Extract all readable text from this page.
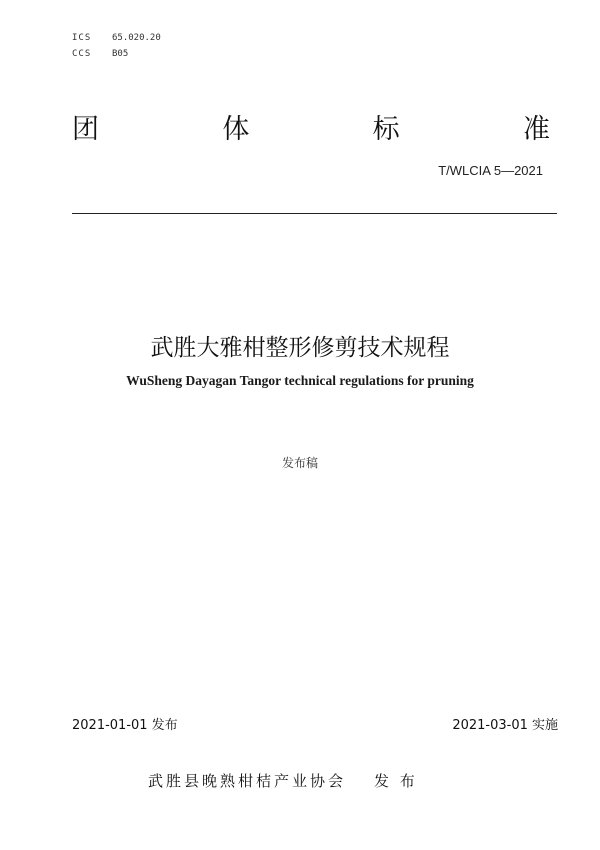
ICS	65.020.20
CCS	B05
团	体	标	准
T/WLCIA 5—2021
武胜大雅柑整形修剪技术规程
WuSheng Dayagan Tangor technical regulations for pruning
发布稿
2021-01-01 发布	2021-03-01 实施
武胜县晚熟柑桔产业协会 发 布
